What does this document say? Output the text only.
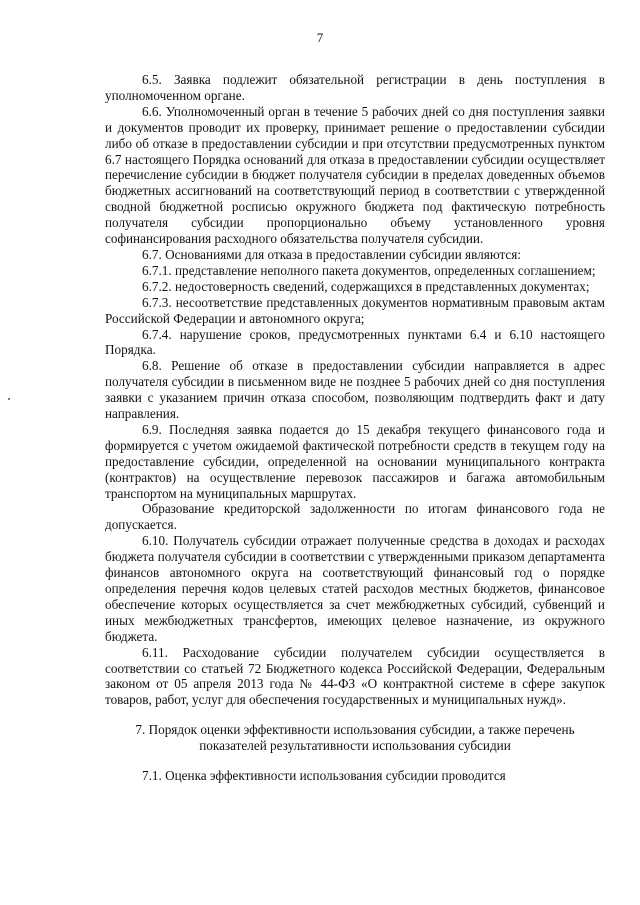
7

6.5. Заявка подлежит обязательной регистрации в день поступления в уполномоченном органе.

6.6. Уполномоченный орган в течение 5 рабочих дней со дня поступления заявки и документов проводит их проверку, принимает решение о предоставлении субсидии либо об отказе в предоставлении субсидии и при отсутствии предусмотренных пунктом 6.7 настоящего Порядка оснований для отказа в предоставлении субсидии осуществляет перечисление субсидии в бюджет получателя субсидии в пределах доведенных объемов бюджетных ассигнований на соответствующий период в соответствии с утвержденной сводной бюджетной росписью окружного бюджета под фактическую потребность получателя субсидии пропорционально объему установленного уровня софинансирования расходного обязательства получателя субсидии.

6.7. Основаниями для отказа в предоставлении субсидии являются:

6.7.1. представление неполного пакета документов, определенных соглашением;

6.7.2. недостоверность сведений, содержащихся в представленных документах;

6.7.3. несоответствие представленных документов нормативным правовым актам Российской Федерации и автономного округа;

6.7.4. нарушение сроков, предусмотренных пунктами 6.4 и 6.10 настоящего Порядка.

6.8. Решение об отказе в предоставлении субсидии направляется в адрес получателя субсидии в письменном виде не позднее 5 рабочих дней со дня поступления заявки с указанием причин отказа способом, позволяющим подтвердить факт и дату направления.

6.9. Последняя заявка подается до 15 декабря текущего финансового года и формируется с учетом ожидаемой фактической потребности средств в текущем году на предоставление субсидии, определенной на основании муниципального контракта (контрактов) на осуществление перевозок пассажиров и багажа автомобильным транспортом на муниципальных маршрутах.

Образование кредиторской задолженности по итогам финансового года не допускается.

6.10. Получатель субсидии отражает полученные средства в доходах и расходах бюджета получателя субсидии в соответствии с утвержденными приказом департамента финансов автономного округа на соответствующий финансовый год о порядке определения перечня кодов целевых статей расходов местных бюджетов, финансовое обеспечение которых осуществляется за счет межбюджетных субсидий, субвенций и иных межбюджетных трансфертов, имеющих целевое назначение, из окружного бюджета.

6.11. Расходование субсидии получателем субсидии осуществляется в соответствии со статьей 72 Бюджетного кодекса Российской Федерации, Федеральным законом от 05 апреля 2013 года № 44-ФЗ «О контрактной системе в сфере закупок товаров, работ, услуг для обеспечения государственных и муниципальных нужд».

7. Порядок оценки эффективности использования субсидии, а также перечень показателей результативности использования субсидии

7.1. Оценка эффективности использования субсидии проводится
